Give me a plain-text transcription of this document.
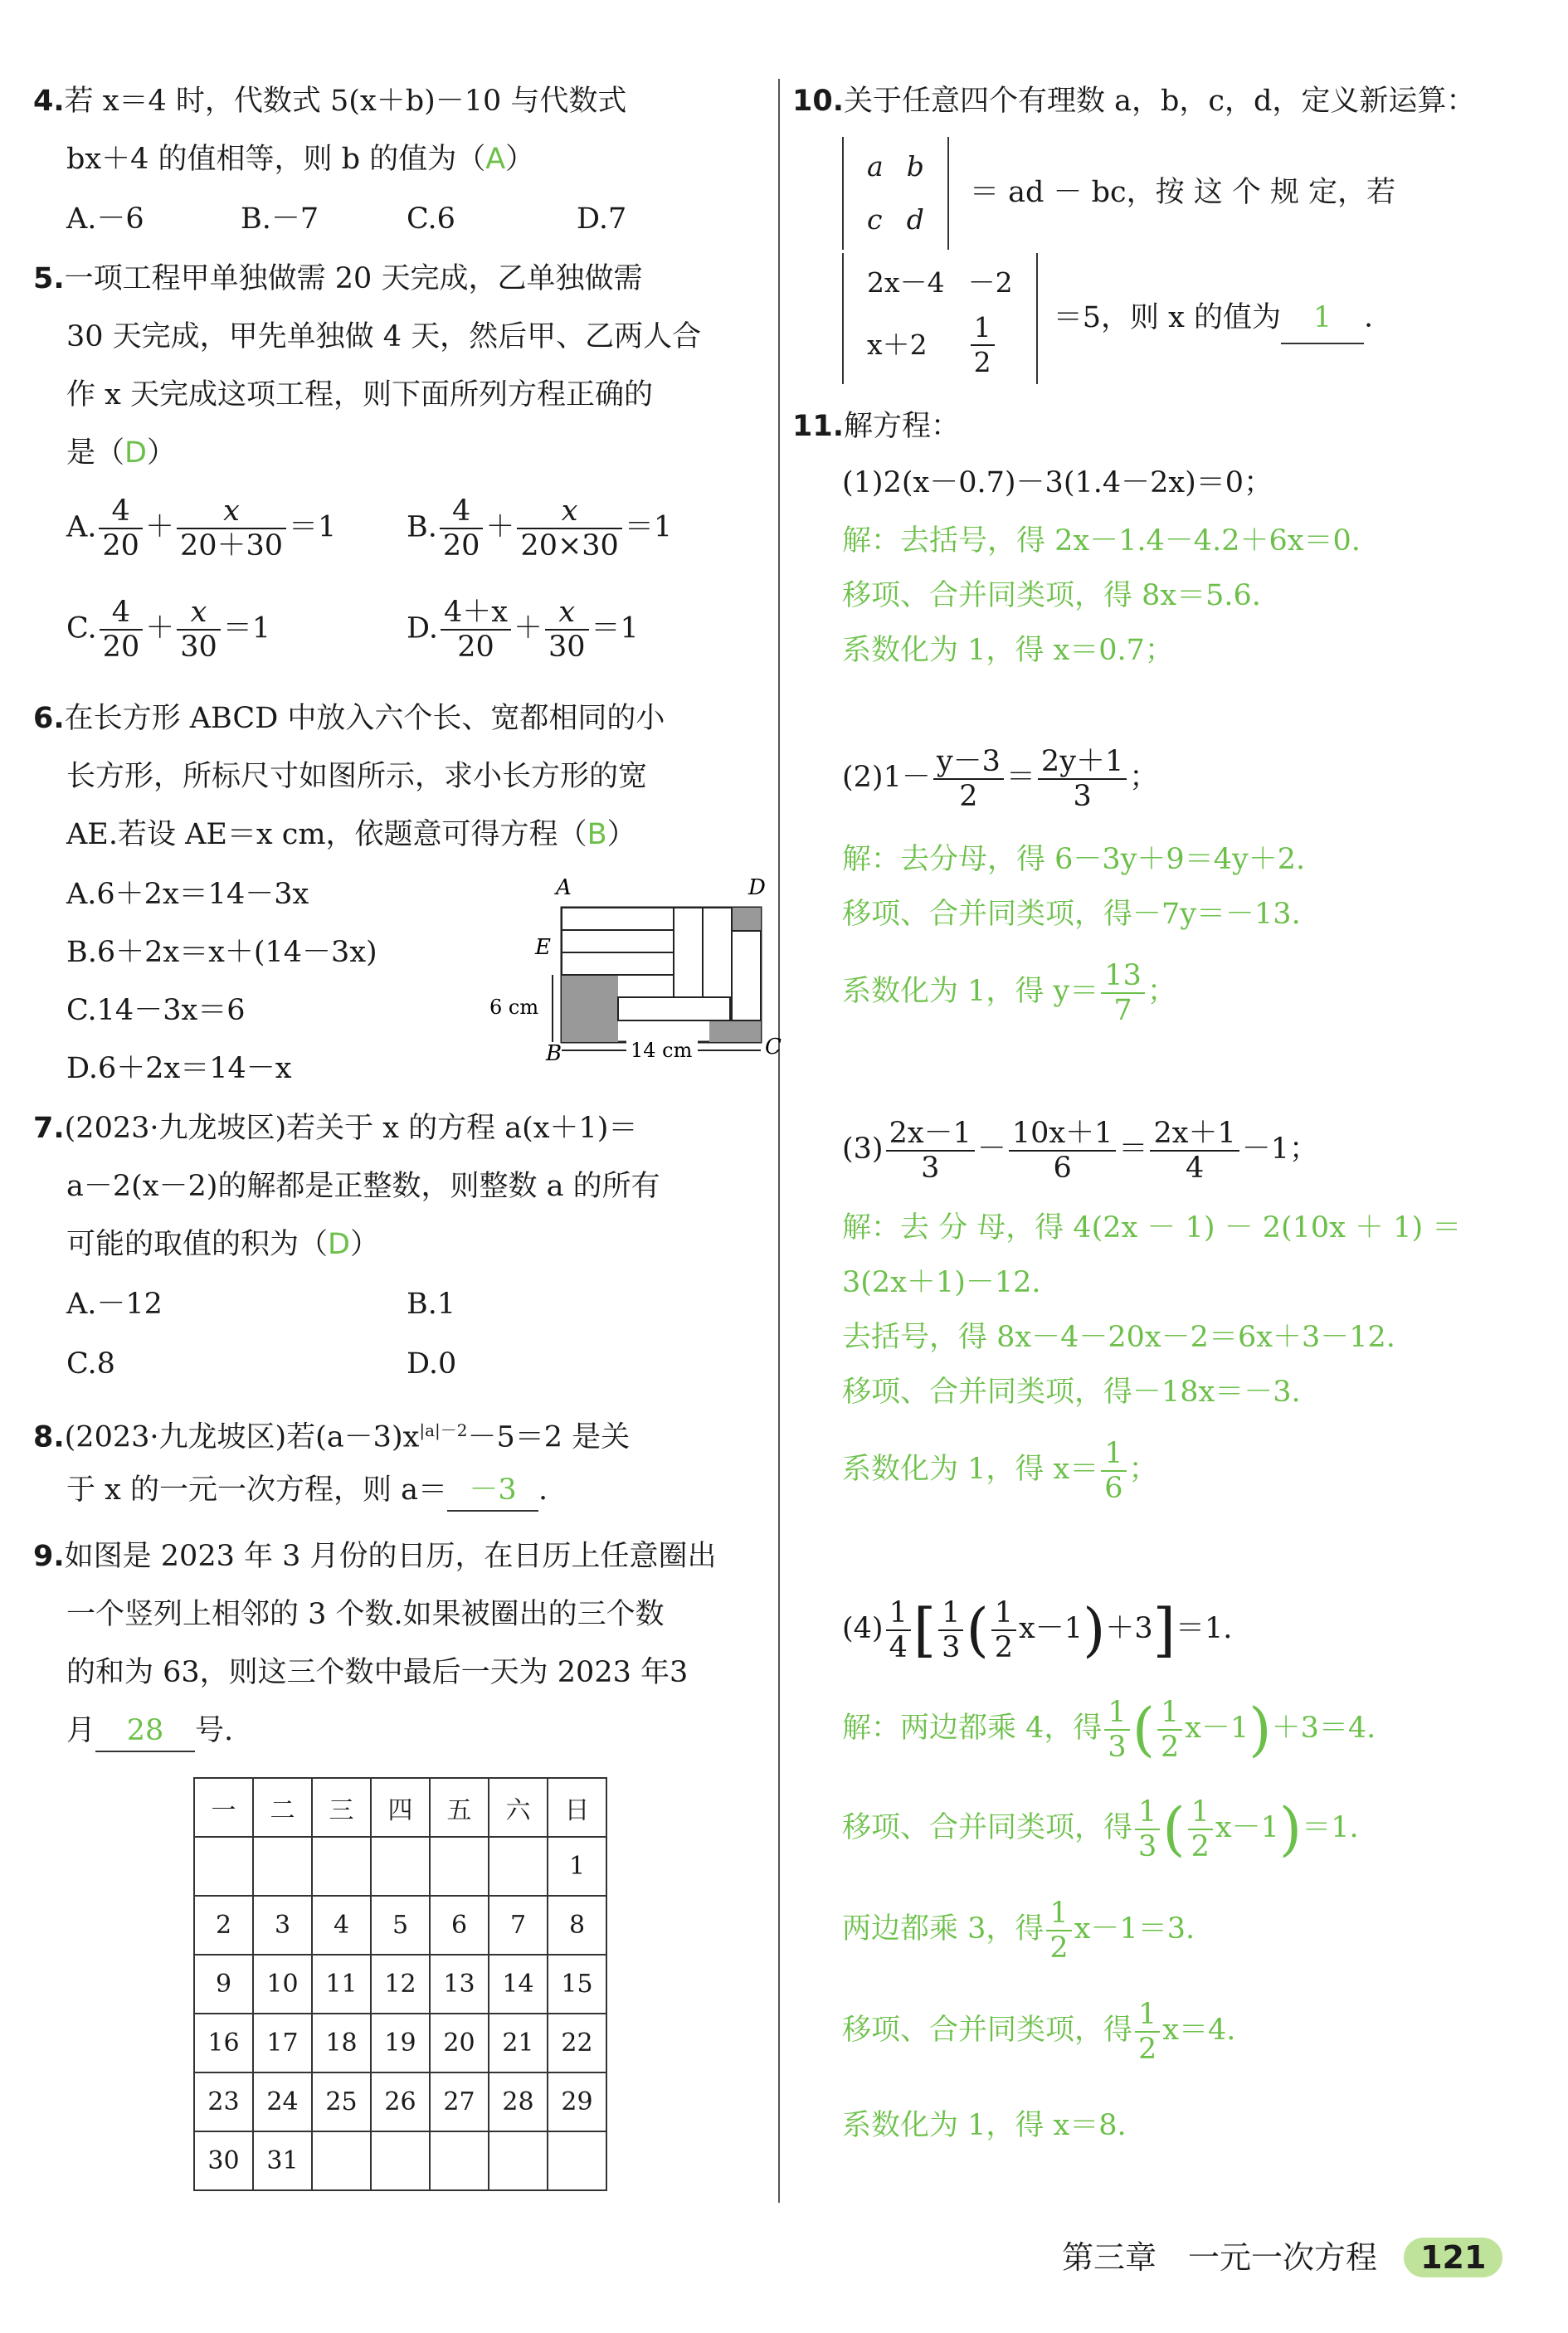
4.若 x＝4 时，代数式 5(x＋b)－10 与代数式
bx＋4 的值相等，则 b 的值为（A）
A.－6	B.－7	C.6	D.7
5.一项工程甲单独做需 20 天完成，乙单独做需
30 天完成，甲先单独做 4 天，然后甲、乙两人合
作 x 天完成这项工程，则下面所列方程正确的
是（D）
A. $\frac{4}{20} + \frac{x}{20+30} =1$ B. $\frac{4}{20} + \frac{x}{20\times 30} =1$
C. $\frac{4}{20} + \frac{x}{30} =1$	D. $\frac{4+x}{20} + \frac{x}{30} =1$
6.在长方形 ABCD 中放入六个长、宽都相同的小
长方形，所标尺寸如图所示，求小长方形的宽
AE.若设 AE＝x cm，依题意可得方程（B）
A.6＋2x＝14－3x
B.6＋2x＝x＋(14－3x)
C.14－3x＝6
D.6＋2x＝14－x
A	D
E
B	C
6 cm
14 cm
7.(2023·九龙坡区)若关于 x 的方程 a(x＋1)＝
a－2(x－2)的解都是正整数，则整数 a 的所有
可能的取值的积为（D）
A.－12	B.1
C.8	D.0
8.(2023·九龙坡区)若$(a-3)x^{|a|-2}-5=2$ 是关
于 x 的一元一次方程，则 a＝ －3 .
9.如图是 2023 年 3 月份的日历，在日历上任意圈出
一个竖列上相邻的 3 个数.如果被圈出的三个数
的和为 63，则这三个数中最后一天为 2023 年3
月 28 号.
一	二	三	四	五	六	日
						1
2	3	4	5	6	7	8
9	10	11	12	13	14	15
16	17	18	19	20	21	22
23	24	25	26	27	28	29
30	31					
10.关于任意四个有理数 a，b，c，d，定义新运算：
a	b
c	d
＝ ad － bc，按 这 个 规 定，若
2x－4	－2
x＋2	$\frac{1}{2} =5$，则 x 的值为 1 .
11.解方程：
(1)2(x－0.7)－3(1.4－2x)＝0；
解：去括号，得 2x－1.4－4.2＋6x＝0.
移项、合并同类项，得 8x＝5.6.
系数化为 1，得 x＝0.7；
$(2)1- \frac{y-3}{2} = \frac{2y+1}{3}$ ；
解：去分母，得 6－3y＋9＝4y＋2.
移项、合并同类项，得－7y＝－13.
系数化为 1，得 $y= \frac{13}{7}$ ；
$(3) \frac{2x-1}{3} - \frac{10x+1}{6} = \frac{2x+1}{4} -1$；
解：去 分 母，得 4(2x － 1) － 2(10x ＋ 1) ＝
3(2x＋1)－12.
去括号，得 8x－4－20x－2＝6x＋3－12.
移项、合并同类项，得－18x＝－3.
系数化为 1，得 $x= \frac{1}{6}$ ；
$(4) \frac{1}{4}$ [ $\frac{1}{3}$ ( $\frac{1}{2} x-1)+3]=1$.
解：两边都乘 4，得 $\frac{1}{3}$ ( $\frac{1}{2} x-1)+3=4$.
移项、合并同类项，得 $\frac{1}{3}$ ( $\frac{1}{2} x-1)=1$.
两边都乘 3，得 $\frac{1}{2} x-1=3$.
移项、合并同类项，得 $\frac{1}{2} x=4$.
系数化为 1，得 x＝8.
第三章　一元一次方程 121
